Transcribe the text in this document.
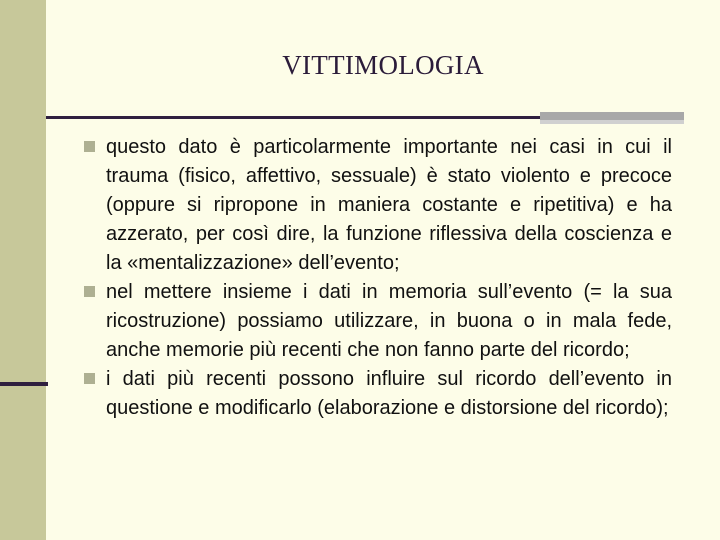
VITTIMOLOGIA
questo dato è particolarmente importante nei casi in cui il trauma (fisico, affettivo, sessuale) è stato violento e precoce (oppure si ripropone in maniera costante e ripetitiva) e ha azzerato, per così dire, la funzione riflessiva della coscienza e la «mentalizzazione» dell’evento;
nel mettere insieme i dati in memoria sull’evento (= la sua ricostruzione) possiamo utilizzare, in buona o in mala fede, anche memorie più recenti che non fanno parte del ricordo;
i dati più recenti possono influire sul ricordo dell’evento in questione e modificarlo (elaborazione e distorsione del ricordo);
